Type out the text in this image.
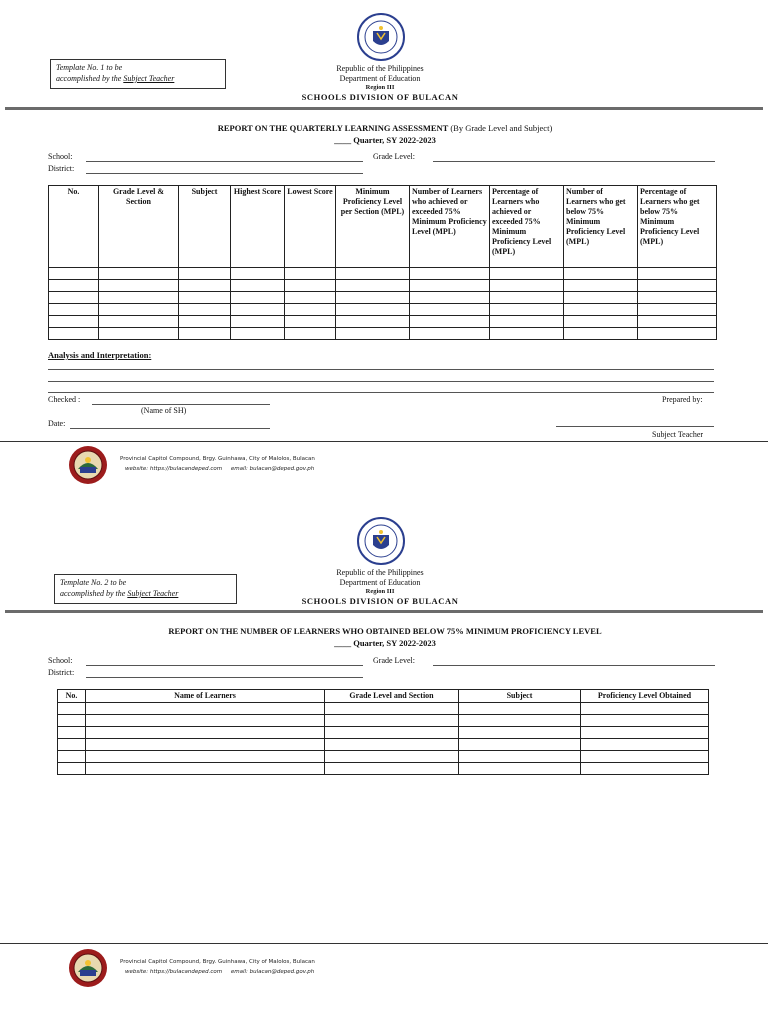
Template No. 1 to be
accomplished by the Subject Teacher
Republic of the Philippines
Department of Education
Region III
SCHOOLS DIVISION OF BULACAN
REPORT ON THE QUARTERLY LEARNING ASSESSMENT (By Grade Level and Subject)
____ Quarter, SY 2022-2023
School:	Grade Level:
District:
No.	Grade Level & Section	Subject	Highest Score	Lowest Score	Minimum Proficiency Level per Section (MPL)	Number of Learners who achieved or exceeded 75% Minimum Proficiency Level (MPL)	Percentage of Learners who achieved or exceeded 75% Minimum Proficiency Level (MPL)	Number of Learners who get below 75% Minimum Proficiency Level (MPL)	Percentage of Learners who get below 75% Minimum Proficiency Level (MPL)

Analysis and Interpretation:
Checked :
(Name of SH)
Prepared by:
Date:
Subject Teacher
Provincial Capitol Compound, Brgy. Guinhawa, City of Malolos, Bulacan
website: https://bulacandeped.com email: bulacan@deped.gov.ph
Template No. 2 to be
accomplished by the Subject Teacher
Republic of the Philippines
Department of Education
Region III
SCHOOLS DIVISION OF BULACAN
REPORT ON THE NUMBER OF LEARNERS WHO OBTAINED BELOW 75% MINIMUM PROFICIENCY LEVEL
____ Quarter, SY 2022-2023
School:	Grade Level:
District:
No.	Name of Learners	Grade Level and Section	Subject	Proficiency Level Obtained

Provincial Capitol Compound, Brgy. Guinhawa, City of Malolos, Bulacan
website: https://bulacandeped.com email: bulacan@deped.gov.ph
